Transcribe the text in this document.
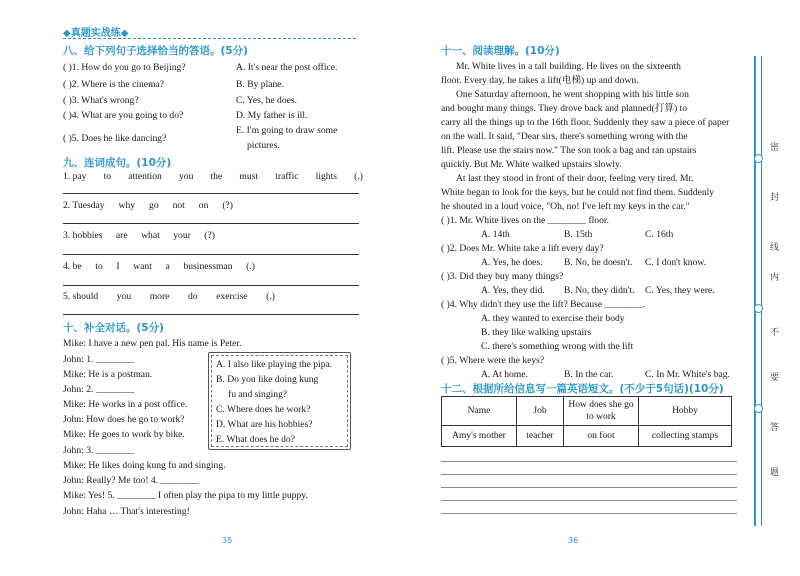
◆真题实战练◆
八、给下列句子选择恰当的答语。(5分)
( )1. How do you go to Beijing?
( )2. Where is the cinema?
( )3. What's wrong?
( )4. What are you going to do?
( )5. Does he like dancing?
A. It's near the post office.
B. By plane.
C. Yes, he does.
D. My father is ill.
E. I'm going to draw some
pictures.
九、连词成句。(10分)
1. pay to attention you the must traffic lights (.)
2. Tuesday why go not on (?)
3. hobbies are what your (?)
4. be to I want a businessman (.)
5. should you more do exercise (.)
十、补全对话。(5分)
Mike: I have a new pen pal. His name is Peter.
John: 1. ________
Mike: He is a postman.
John: 2. ________
Mike: He works in a post office.
John: How does he go to work?
Mike: He goes to work by bike.
John: 3. ________
Mike: He likes doing kung fu and singing.
John: Really? Me too! 4. ________
Mike: Yes! 5. ________ I often play the pipa to my little puppy.
John: Haha … That's interesting!
A. I also like playing the pipa.
B. Do you like doing kung
fu and singing?
C. Where does he work?
D. What are his hobbies?
E. What does he do?
35
十一、阅读理解。(10分)
Mr. White lives in a tall building. He lives on the sixteenth
floor. Every day, he takes a lift(电梯) up and down.
One Saturday afternoon, he went shopping with his little son
and bought many things. They drove back and planned(打算) to
carry all the things up to the 16th floor. Suddenly they saw a piece of paper
on the wall. It said, "Dear sirs, there's something wrong with the
lift. Please use the stairs now." The son took a bag and ran upstairs
quickly. But Mr. White walked upstairs slowly.
At last they stood in front of their door, feeling very tired. Mr.
White began to look for the keys, but he could not find them. Suddenly
he shouted in a loud voice, "Oh, no! I've left my keys in the car."
( )1. Mr. White lives on the ________ floor.
A. 14th	B. 15th	C. 16th
( )2. Does Mr. White take a lift every day?
A. Yes, he does. B. No, he doesn't. C. I don't know.
( )3. Did they buy many things?
A. Yes, they did. B. No, they didn't. C. Yes, they were.
( )4. Why didn't they use the lift? Because ________.
A. they wanted to exercise their body
B. they like walking upstairs
C. there's something wrong with the lift
( )5. Where were the keys?
A. At home.	B. In the car.	C. In Mr. White's bag.
十二、根据所给信息写一篇英语短文。(不少于5句话)(10分)
Name	Job	How does she go to work	Hobby
Amy's mother	teacher	on foot	collecting stamps
36
密
封
线
内
不
要
答
题
